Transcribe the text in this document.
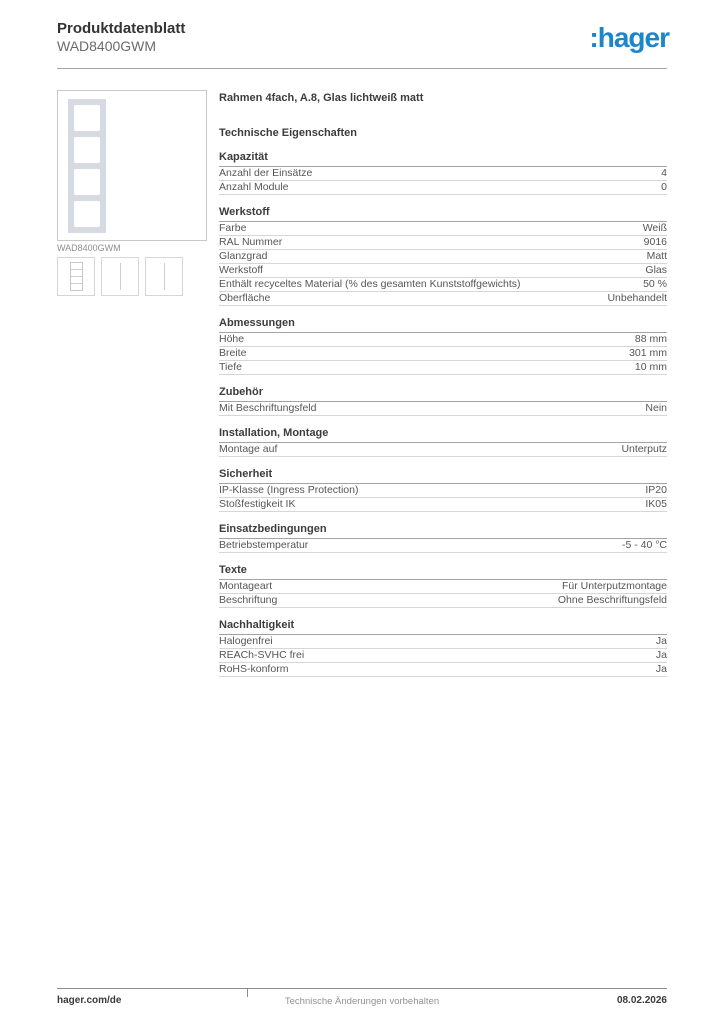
Produktdatenblatt
WAD8400GWM	:hager
WAD8400GWM
Rahmen 4fach, A.8, Glas lichtweiß matt
Technische Eigenschaften
Kapazität
Anzahl der Einsätze	4
Anzahl Module	0
Werkstoff
Farbe	Weiß
RAL Nummer	9016
Glanzgrad	Matt
Werkstoff	Glas
Enthält recyceltes Material (% des gesamten Kunststoffgewichts)	50 %
Oberfläche	Unbehandelt
Abmessungen
Höhe	88 mm
Breite	301 mm
Tiefe	10 mm
Zubehör
Mit Beschriftungsfeld	Nein
Installation, Montage
Montage auf	Unterputz
Sicherheit
IP-Klasse (Ingress Protection)	IP20
Stoßfestigkeit IK	IK05
Einsatzbedingungen
Betriebstemperatur	-5 - 40 °C
Texte
Montageart	Für Unterputzmontage
Beschriftung	Ohne Beschriftungsfeld
Nachhaltigkeit
Halogenfrei	Ja
REACh-SVHC frei	Ja
RoHS-konform	Ja
hager.com/de	Technische Änderungen vorbehalten	08.02.2026
